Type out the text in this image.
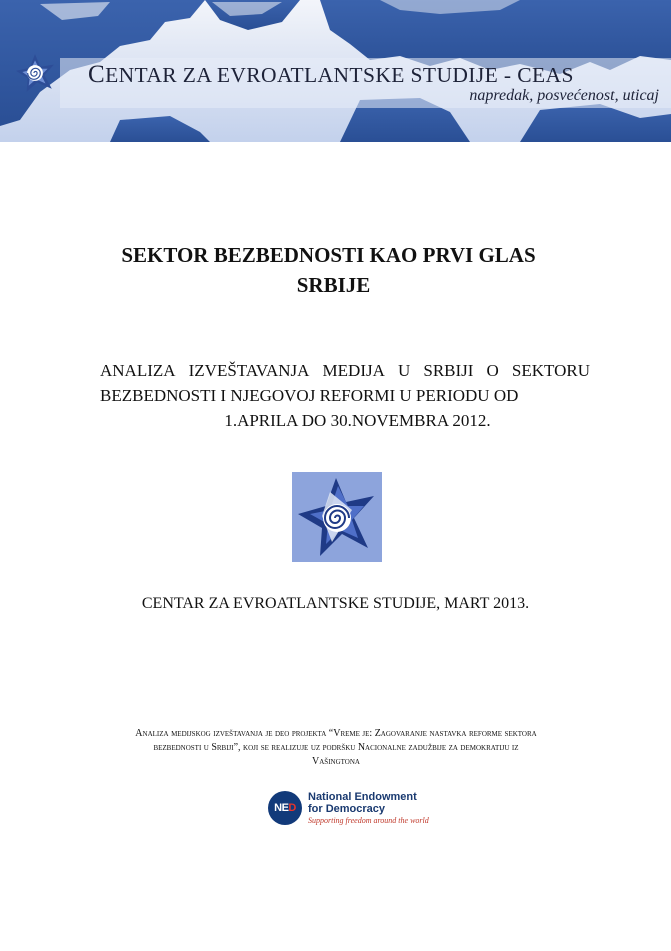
CENTAR ZA EVROATLANTSKE STUDIJE - CEAS
napredak, posvećenost, uticaj
SEKTOR BEZBEDNOSTI KAO PRVI GLAS
SRBIJE
ANALIZA IZVEŠTAVANJA MEDIJA U SRBIJI O SEKTORU
BEZBEDNOSTI I NJEGOVOJ REFORMI U PERIODU OD
1.APRILA DO 30.NOVEMBRA 2012.
CENTAR ZA EVROATLANTSKE STUDIJE, MART 2013.
Analiza medijskog izveštavanja je deo projekta “Vreme je: Zagovaranje nastavka reforme sektora
bezbednosti u Srbiji”, koji se realizuje uz podršku Nacionalne zadužbije za demokratiju iz
Vašingtona
NED
National Endowment
for Democracy
Supporting freedom around the world
